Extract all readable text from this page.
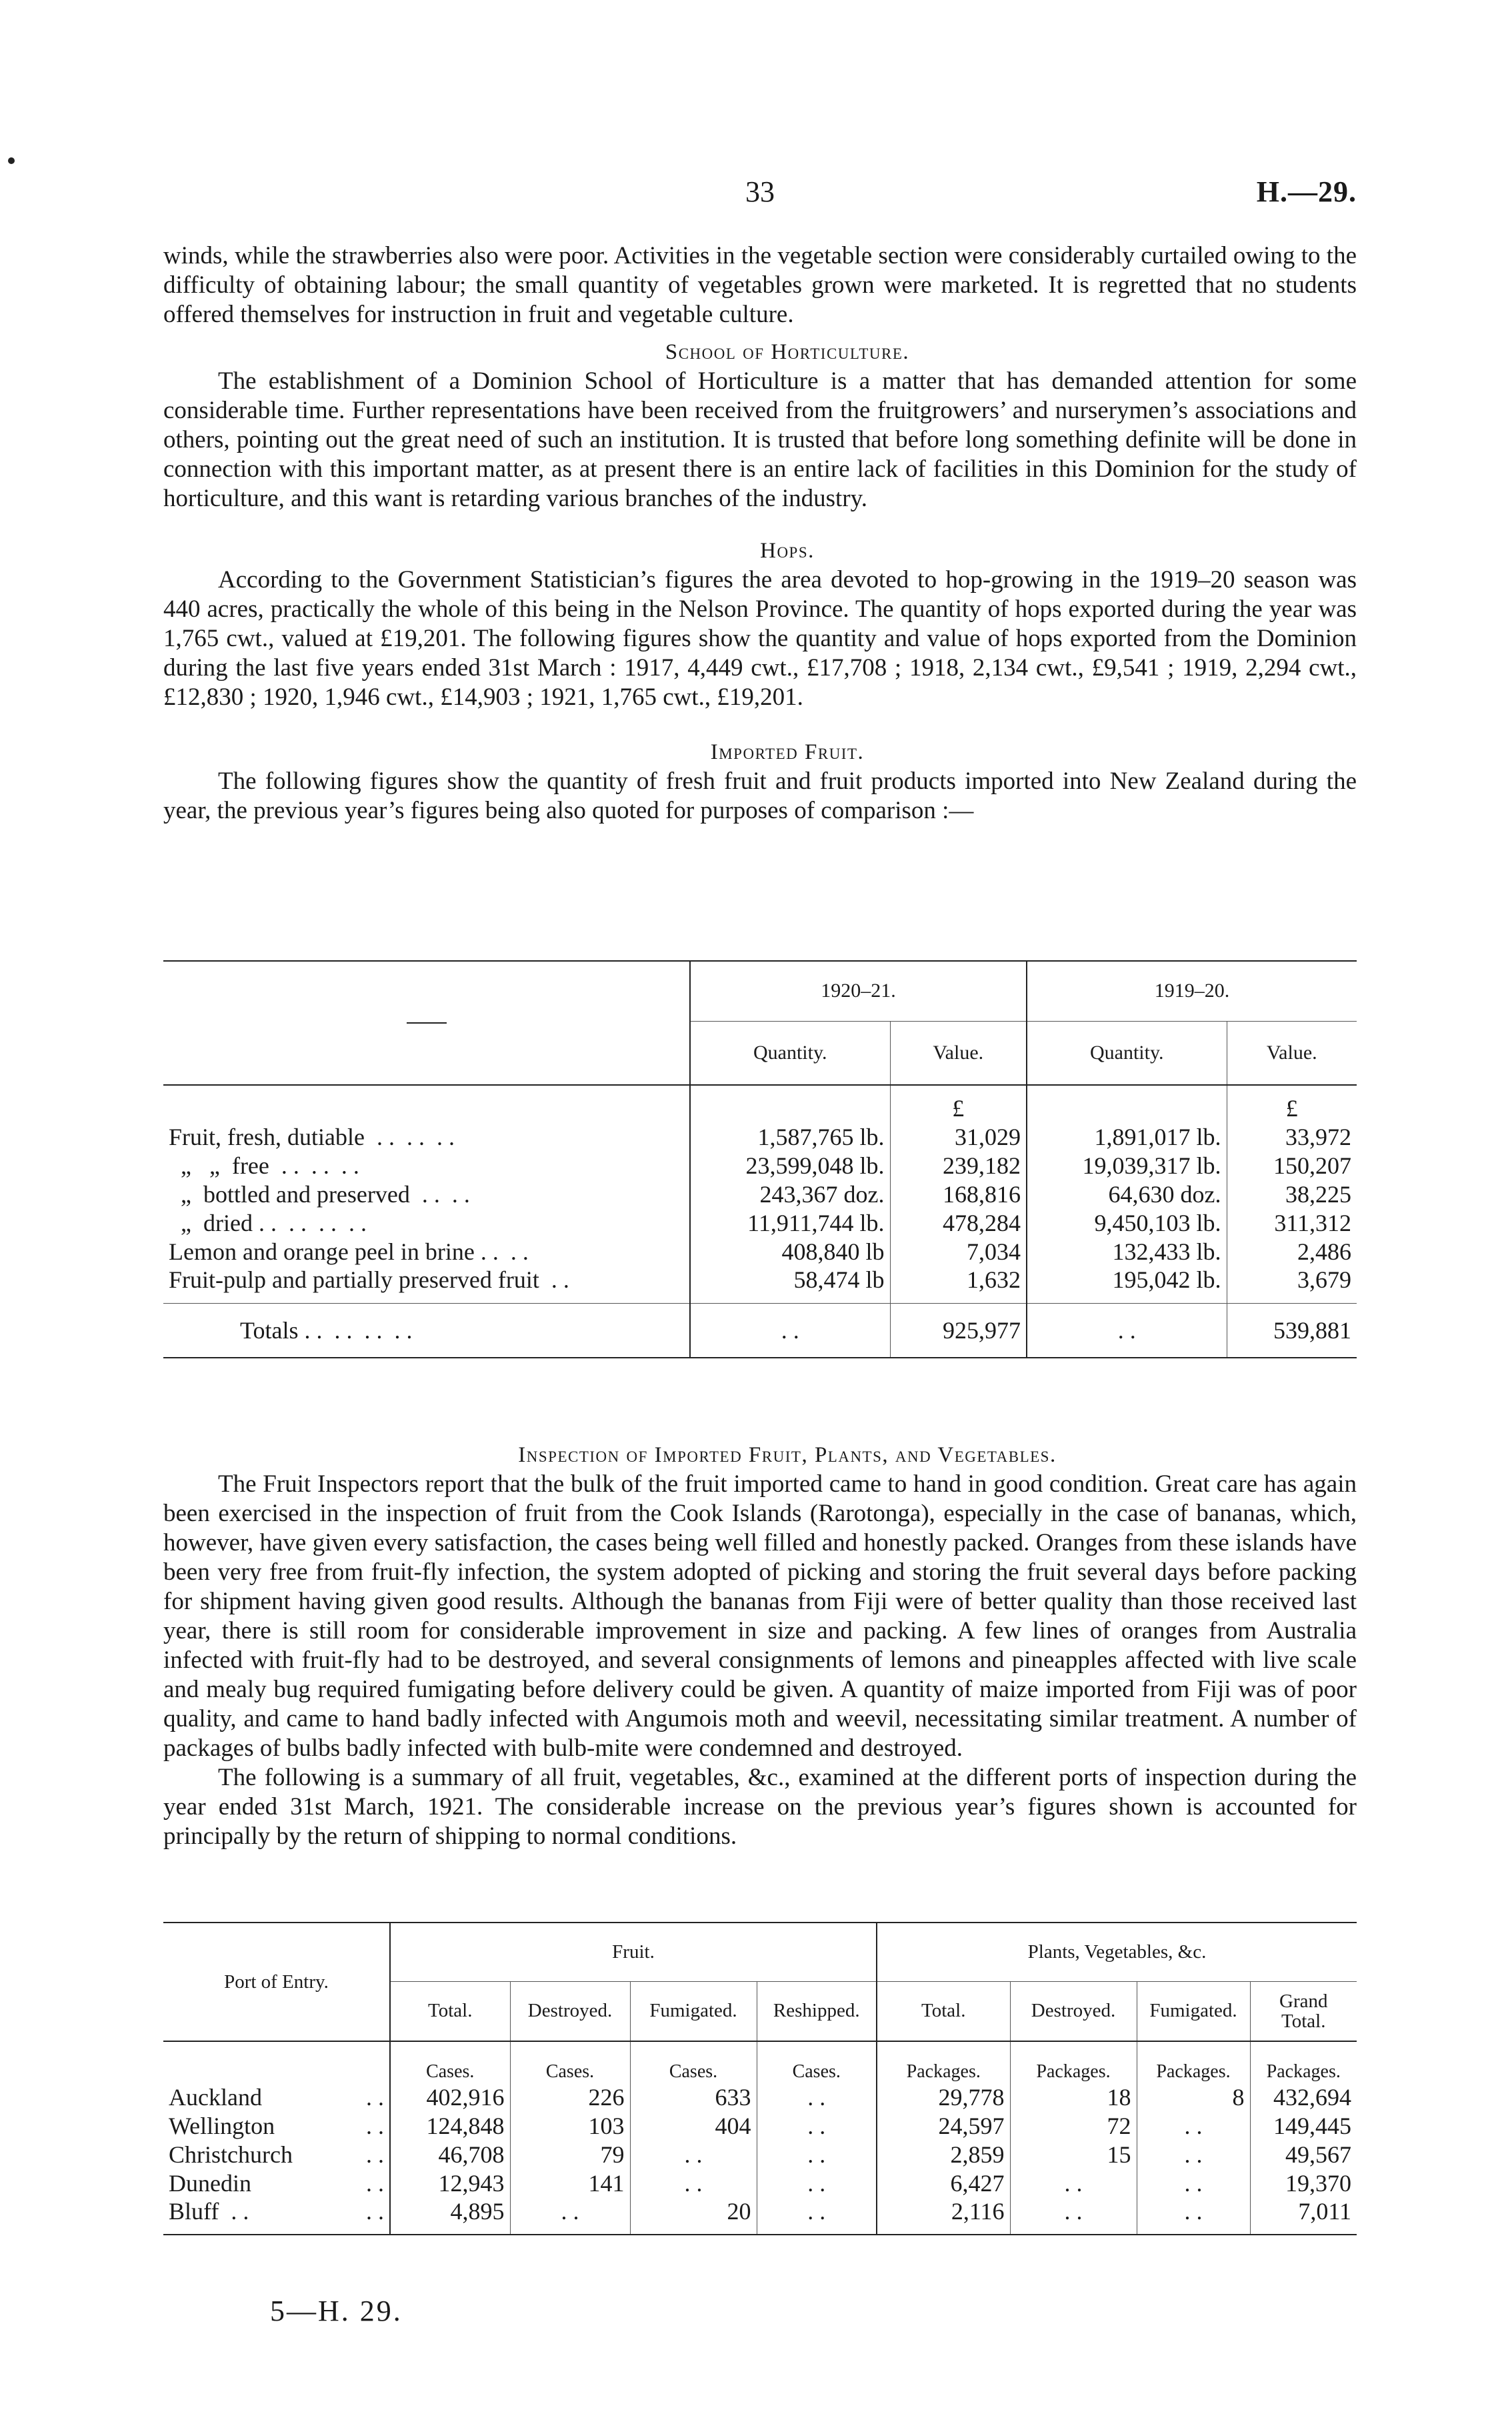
33	H.—29.

winds, while the strawberries also were poor. Activities in the vegetable section were considerably curtailed owing to the difficulty of obtaining labour; the small quantity of vegetables grown were marketed. It is regretted that no students offered themselves for instruction in fruit and vegetable culture.

School of Horticulture.

The establishment of a Dominion School of Horticulture is a matter that has demanded attention for some considerable time. Further representations have been received from the fruitgrowers’ and nurserymen’s associations and others, pointing out the great need of such an institution. It is trusted that before long something definite will be done in connection with this important matter, as at present there is an entire lack of facilities in this Dominion for the study of horticulture, and this want is retarding various branches of the industry.

Hops.

According to the Government Statistician’s figures the area devoted to hop-growing in the 1919–20 season was 440 acres, practically the whole of this being in the Nelson Province. The quantity of hops exported during the year was 1,765 cwt., valued at £19,201. The following figures show the quantity and value of hops exported from the Dominion during the last five years ended 31st March : 1917, 4,449 cwt., £17,708 ; 1918, 2,134 cwt., £9,541 ; 1919, 2,294 cwt., £12,830 ; 1920, 1,946 cwt., £14,903 ; 1921, 1,765 cwt., £19,201.

Imported Fruit.

The following figures show the quantity of fresh fruit and fruit products imported into New Zealand during the year, the previous year’s figures being also quoted for purposes of comparison :—

	1920–21.		1919–20.	
	Quantity.	Value.	Quantity.	Value.
		£		£
Fruit, fresh, dutiable  . .  . .  . .	1,587,765 lb.	31,029	1,891,017 lb.	33,972
„   „  free  . .  . .  . .	23,599,048 lb.	239,182	19,039,317 lb.	150,207
„  bottled and preserved  . .  . .	243,367 doz.	168,816	64,630 doz.	38,225
„  dried . .  . .  . .  . .	11,911,744 lb.	478,284	9,450,103 lb.	311,312
Lemon and orange peel in brine . .  . .	408,840 lb	7,034	132,433 lb.	2,486
Fruit-pulp and partially preserved fruit  . .	58,474 lb	1,632	195,042 lb.	3,679
Totals . .  . .  . .  . .	. .	925,977	. .	539,881

Inspection of Imported Fruit, Plants, and Vegetables.

The Fruit Inspectors report that the bulk of the fruit imported came to hand in good condition. Great care has again been exercised in the inspection of fruit from the Cook Islands (Rarotonga), especially in the case of bananas, which, however, have given every satisfaction, the cases being well filled and honestly packed. Oranges from these islands have been very free from fruit-fly infection, the system adopted of picking and storing the fruit several days before packing for shipment having given good results. Although the bananas from Fiji were of better quality than those received last year, there is still room for considerable improvement in size and packing. A few lines of oranges from Australia infected with fruit-fly had to be destroyed, and several consignments of lemons and pineapples affected with live scale and mealy bug required fumigating before delivery could be given. A quantity of maize imported from Fiji was of poor quality, and came to hand badly infected with Angumois moth and weevil, necessitating similar treatment. A number of packages of bulbs badly infected with bulb-mite were condemned and destroyed.

The following is a summary of all fruit, vegetables, &c., examined at the different ports of inspection during the year ended 31st March, 1921. The considerable increase on the previous year’s figures shown is accounted for principally by the return of shipping to normal conditions.

Port of Entry.	Fruit.				Plants, Vegetables, &c.			
	Total.	Destroyed.	Fumigated.	Reshipped.	Total.	Destroyed.	Fumigated.	Grand Total.
	Cases.	Cases.	Cases.	Cases.	Packages.	Packages.	Packages.	Packages.
Auckland . .	402,916	226	633	. .	29,778	18	8	432,694
Wellington . .	124,848	103	404	. .	24,597	72	. .	149,445
Christchurch . .	46,708	79	. .	. .	2,859	15	. .	49,567
Dunedin . .	12,943	141	. .	. .	6,427	. .	. .	19,370
Bluff  . . . .	4,895	. .	20	. .	2,116	. .	. .	7,011
5—H. 29.
